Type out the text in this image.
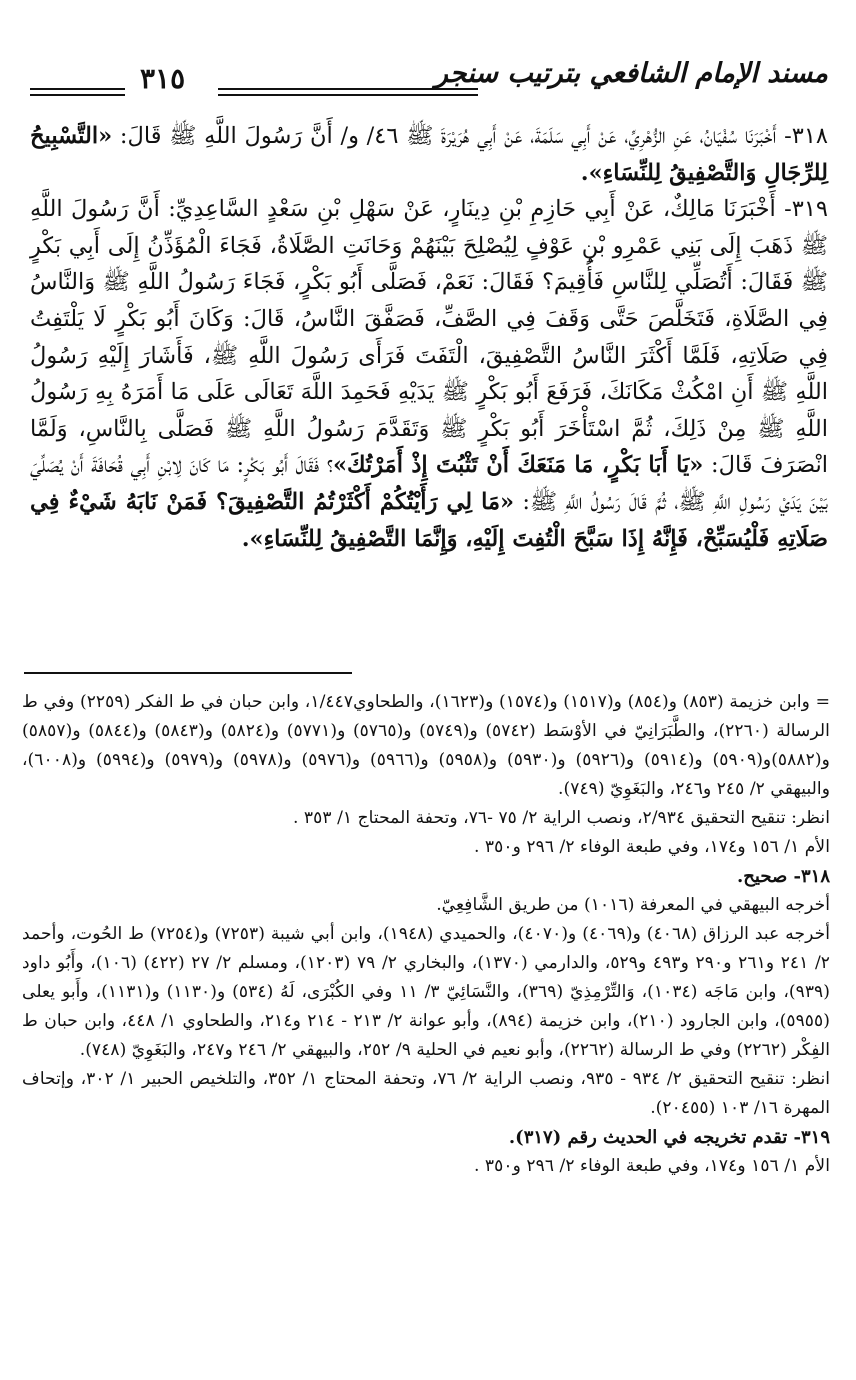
مسند الإمام الشافعي بترتيب سنجر
٣١٥

٣١٨- أَخْبَرَنَا سُفْيَانُ، عَنِ الزُّهْرِيِّ، عَنْ أَبِي سَلَمَةَ، عَنْ أَبِي هُرَيْرَةَ ﷺ ٤٦/ و/ أَنَّ رَسُولَ اللَّهِ ﷺ قَالَ: «التَّسْبِيحُ لِلرِّجَالِ وَالتَّصْفِيقُ لِلنِّسَاءِ».

٣١٩- أَخْبَرَنَا مَالِكٌ، عَنْ أَبِي حَازِمِ بْنِ دِينَارٍ، عَنْ سَهْلِ بْنِ سَعْدٍ السَّاعِدِيِّ: أَنَّ رَسُولَ اللَّهِ ﷺ ذَهَبَ إِلَى بَنِي عَمْرِو بْنِ عَوْفٍ لِيُصْلِحَ بَيْنَهُمْ وَحَانَتِ الصَّلَاةُ، فَجَاءَ الْمُؤَذِّنُ إِلَى أَبِي بَكْرٍ ﷺ فَقَالَ: أَتُصَلِّي لِلنَّاسِ فَأُقِيمَ؟ فَقَالَ: نَعَمْ، فَصَلَّى أَبُو بَكْرٍ، فَجَاءَ رَسُولُ اللَّهِ ﷺ وَالنَّاسُ فِي الصَّلَاةِ، فَتَخَلَّصَ حَتَّى وَقَفَ فِي الصَّفِّ، فَصَفَّقَ النَّاسُ، قَالَ: وَكَانَ أَبُو بَكْرٍ لَا يَلْتَفِتُ فِي صَلَاتِهِ، فَلَمَّا أَكْثَرَ النَّاسُ التَّصْفِيقَ، الْتَفَتَ فَرَأَى رَسُولَ اللَّهِ ﷺ، فَأَشَارَ إِلَيْهِ رَسُولُ اللَّهِ ﷺ أَنِ امْكُثْ مَكَانَكَ، فَرَفَعَ أَبُو بَكْرٍ ﷺ يَدَيْهِ فَحَمِدَ اللَّهَ تَعَالَى عَلَى مَا أَمَرَهُ بِهِ رَسُولُ اللَّهِ ﷺ مِنْ ذَلِكَ، ثُمَّ اسْتَأْخَرَ أَبُو بَكْرٍ ﷺ وَتَقَدَّمَ رَسُولُ اللَّهِ ﷺ فَصَلَّى بِالنَّاسِ، وَلَمَّا انْصَرَفَ قَالَ: «يَا أَبَا بَكْرٍ، مَا مَنَعَكَ أَنْ تَثْبُتَ إِذْ أَمَرْتُكَ»؟ فَقَالَ أَبُو بَكْرٍ: مَا كَانَ لِابْنِ أَبِي قُحَافَةَ أَنْ يُصَلِّيَ بَيْنَ يَدَيْ رَسُولِ اللَّهِ ﷺ، ثُمَّ قَالَ رَسُولُ اللَّهِ ﷺ: «مَا لِي رَأَيْتُكُمْ أَكْثَرْتُمُ التَّصْفِيقَ؟ فَمَنْ نَابَهُ شَيْءٌ فِي صَلَاتِهِ فَلْيُسَبِّحْ، فَإِنَّهُ إِذَا سَبَّحَ الْتُفِتَ إِلَيْهِ، وَإِنَّمَا التَّصْفِيقُ لِلنِّسَاءِ».

= وابن خزيمة (٨٥٣) و(٨٥٤) و(١٥١٧) و(١٥٧٤) و(١٦٢٣)، والطحاوي١/٤٤٧، وابن حبان في ط الفكر (٢٢٥٩) وفي ط الرسالة (٢٢٦٠)، والطَّبَرَانِيّ في الأوْسَط (٥٧٤٢) و(٥٧٤٩) و(٥٧٦٥) و(٥٧٧١) و(٥٨٢٤) و(٥٨٤٣) و(٥٨٤٤) و(٥٨٥٧) و(٥٨٨٢)و(٥٩٠٩) و(٥٩١٤) و(٥٩٢٦) و(٥٩٣٠) و(٥٩٥٨) و(٥٩٦٦) و(٥٩٧٦) و(٥٩٧٨) و(٥٩٧٩) و(٥٩٩٤) و(٦٠٠٨)، والبيهقي ٢/ ٢٤٥ و٢٤٦، والبَغَوِيّ (٧٤٩).

انظر: تنقيح التحقيق ٢/٩٣٤، ونصب الراية ٢/ ٧٥ -٧٦، وتحفة المحتاج ١/ ٣٥٣ .

الأم ١/ ١٥٦ و١٧٤، وفي طبعة الوفاء ٢/ ٢٩٦ و٣٥٠ .

٣١٨- صحيح.

أخرجه البيهقي في المعرفة (١٠١٦) من طريق الشَّافِعِيّ.

أخرجه عبد الرزاق (٤٠٦٨) و(٤٠٦٩) و(٤٠٧٠)، والحميدي (١٩٤٨)، وابن أبي شيبة (٧٢٥٣) و(٧٢٥٤) ط الحُوت، وأحمد ٢/ ٢٤١ و٢٦١ و٢٩٠ و٤٩٣ و٥٢٩، والدارمي (١٣٧٠)، والبخاري ٢/ ٧٩ (١٢٠٣)، ومسلم ٢/ ٢٧ (٤٢٢) (١٠٦)، وأَبُو داود (٩٣٩)، وابن مَاجَه (١٠٣٤)، وَالتِّرْمِذِيّ (٣٦٩)، والنَّسَائِيّ ٣/ ١١ وفي الكُبْرَى، لَهُ (٥٣٤) و(١١٣٠) و(١١٣١)، وأَبو يعلى (٥٩٥٥)، وابن الجارود (٢١٠)، وابن خزيمة (٨٩٤)، وأبو عوانة ٢/ ٢١٣ - ٢١٤ و٢١٤، والطحاوي ١/ ٤٤٨، وابن حبان ط الفِكْر (٢٢٦٢) وفي ط الرسالة (٢٢٦٢)، وأبو نعيم في الحلية ٩/ ٢٥٢، والبيهقي ٢/ ٢٤٦ و٢٤٧، والبَغَوِيّ (٧٤٨).

انظر: تنقيح التحقيق ٢/ ٩٣٤ - ٩٣٥، ونصب الراية ٢/ ٧٦، وتحفة المحتاج ١/ ٣٥٢، والتلخيص الحبير ١/ ٣٠٢، وإتحاف المهرة ١٦/ ١٠٣ (٢٠٤٥٥).

٣١٩- تقدم تخريجه في الحديث رقم (٣١٧).

الأم ١/ ١٥٦ و١٧٤، وفي طبعة الوفاء ٢/ ٢٩٦ و٣٥٠ .
